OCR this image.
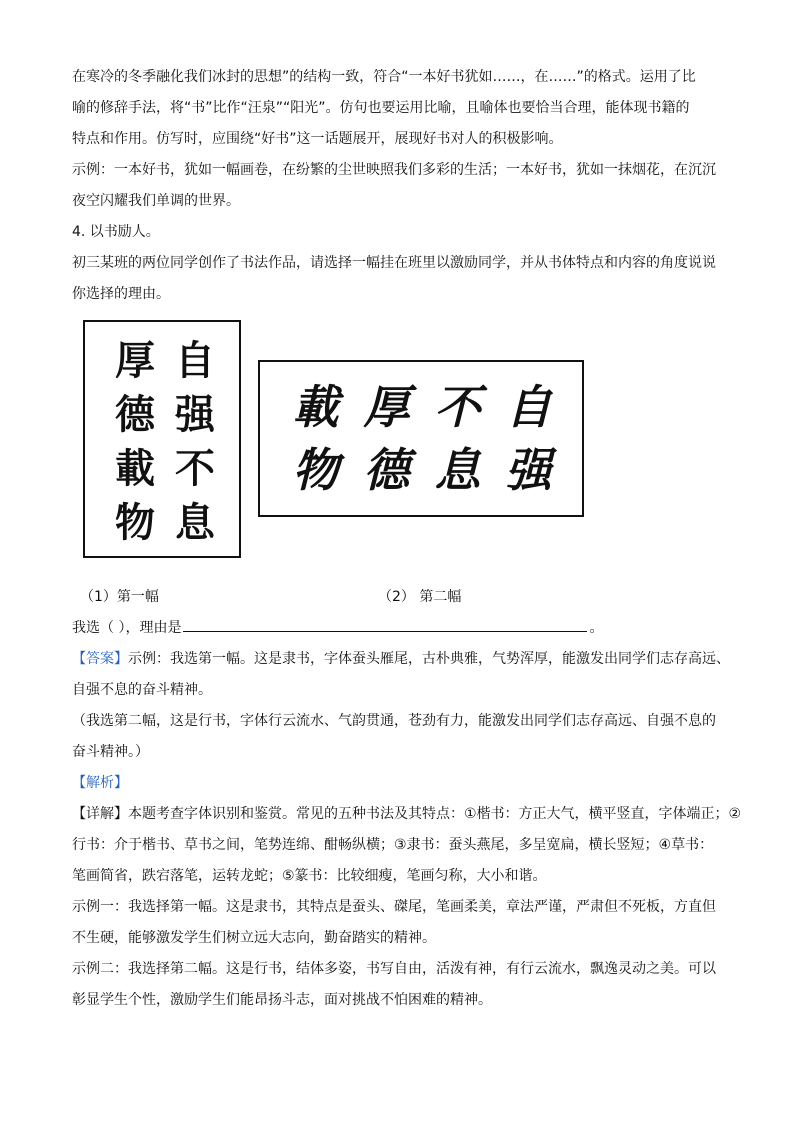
在寒冷的冬季融化我们冰封的思想”的结构一致，符合“一本好书犹如……，在……”的格式。运用了比
喻的修辞手法，将“书”比作“汪泉”“阳光”。仿句也要运用比喻，且喻体也要恰当合理，能体现书籍的
特点和作用。仿写时，应围绕“好书”这一话题展开，展现好书对人的积极影响。
示例：一本好书，犹如一幅画卷，在纷繁的尘世映照我们多彩的生活；一本好书，犹如一抹烟花，在沉沉
夜空闪耀我们单调的世界。
4. 以书励人。
初三某班的两位同学创作了书法作品，请选择一幅挂在班里以激励同学，并从书体特点和内容的角度说说
你选择的理由。
厚 自
德 强
載 不
物 息
載 厚 不 自
物 德 息 强
（1）第一幅	（2） 第二幅
我选（ ），理由是	。
【答案】示例：我选第一幅。这是隶书，字体蚕头雁尾，古朴典雅，气势浑厚，能激发出同学们志存高远、
自强不息的奋斗精神。
（我选第二幅，这是行书，字体行云流水、气韵贯通，苍劲有力，能激发出同学们志存高远、自强不息的
奋斗精神。）
【解析】
【详解】本题考查字体识别和鉴赏。常见的五种书法及其特点：①楷书：方正大气，横平竖直，字体端正；②
行书：介于楷书、草书之间，笔势连绵、酣畅纵横；③隶书：蚕头燕尾，多呈宽扁，横长竖短；④草书：
笔画简省，跌宕落笔，运转龙蛇；⑤篆书：比较细瘦，笔画匀称，大小和谐。
示例一：我选择第一幅。这是隶书，其特点是蚕头、磔尾，笔画柔美，章法严谨，严肃但不死板，方直但
不生硬，能够激发学生们树立远大志向，勤奋踏实的精神。
示例二：我选择第二幅。这是行书，结体多姿，书写自由，活泼有神，有行云流水，飘逸灵动之美。可以
彰显学生个性，激励学生们能昂扬斗志，面对挑战不怕困难的精神。
